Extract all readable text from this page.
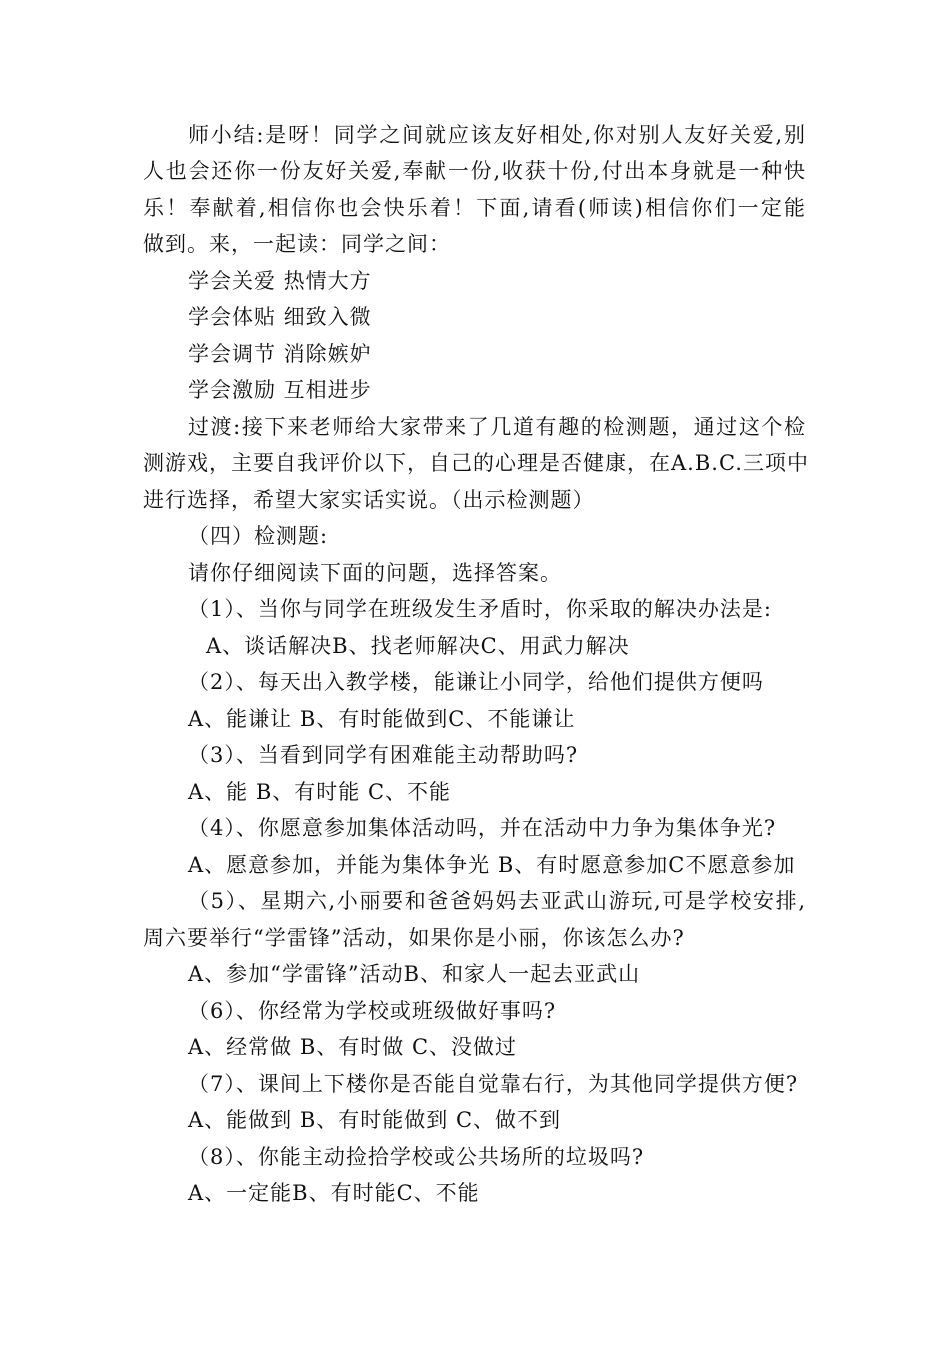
师小结:是呀！同学之间就应该友好相处,你对别人友好关爱,别
人也会还你一份友好关爱,奉献一份,收获十份,付出本身就是一种快
乐！奉献着,相信你也会快乐着！下面,请看(师读)相信你们一定能
做到。来，一起读：同学之间：
学会关爱 热情大方
学会体贴 细致入微
学会调节 消除嫉妒
学会激励 互相进步
过渡:接下来老师给大家带来了几道有趣的检测题，通过这个检
测游戏，主要自我评价以下，自己的心理是否健康，在A.B.C.三项中
进行选择，希望大家实话实说。（出示检测题）
（四）检测题:
请你仔细阅读下面的问题，选择答案。
（1）、当你与同学在班级发生矛盾时，你采取的解决办法是:
A、谈话解决B、找老师解决C、用武力解决
（2）、每天出入教学楼，能谦让小同学，给他们提供方便吗
A、能谦让 B、有时能做到C、不能谦让
（3）、当看到同学有困难能主动帮助吗?
A、能 B、有时能 C、不能
（4）、你愿意参加集体活动吗，并在活动中力争为集体争光?
A、愿意参加，并能为集体争光 B、有时愿意参加C不愿意参加
（5）、星期六,小丽要和爸爸妈妈去亚武山游玩,可是学校安排,
周六要举行“学雷锋”活动，如果你是小丽，你该怎么办?
A、参加“学雷锋”活动B、和家人一起去亚武山
（6）、你经常为学校或班级做好事吗?
A、经常做 B、有时做 C、没做过
（7）、课间上下楼你是否能自觉靠右行，为其他同学提供方便?
A、能做到 B、有时能做到 C、做不到
（8）、你能主动捡拾学校或公共场所的垃圾吗?
A、一定能B、有时能C、不能
